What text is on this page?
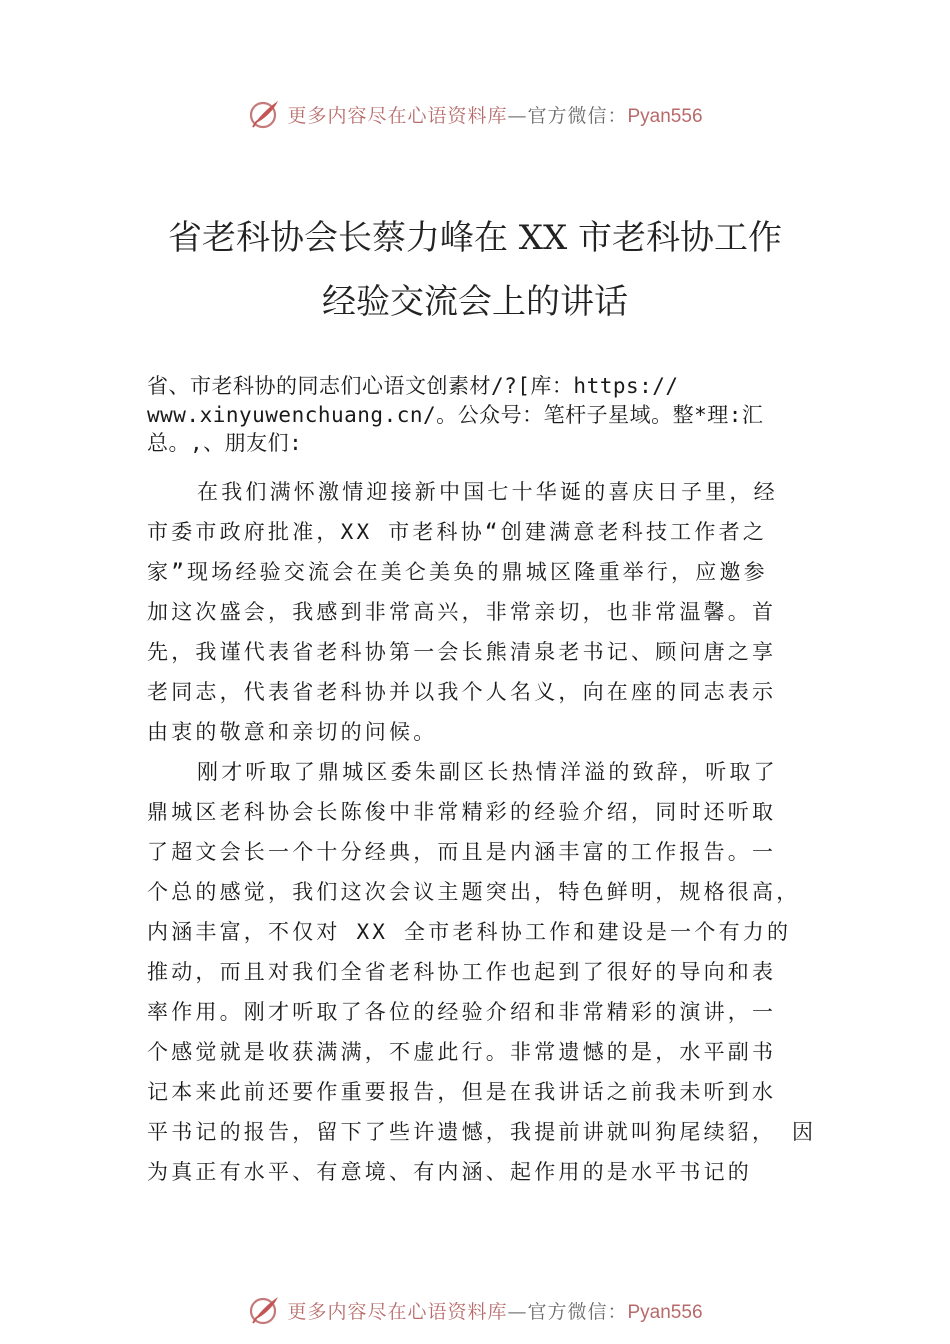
更多内容尽在心语资料库—官方微信：Pyan556
省老科协会长蔡力峰在 XX 市老科协工作
经验交流会上的讲话
省、市老科协的同志们心语文创素材/?[库：https://
www.xinyuwenchuang.cn/。公众号：笔杆子星域。整*理:汇
总。,、朋友们:
在我们满怀激情迎接新中国七十华诞的喜庆日子里，经
市委市政府批准，XX 市老科协“创建满意老科技工作者之
家”现场经验交流会在美仑美奂的鼎城区隆重举行，应邀参
加这次盛会，我感到非常高兴，非常亲切，也非常温馨。首
先，我谨代表省老科协第一会长熊清泉老书记、顾问唐之享
老同志，代表省老科协并以我个人名义，向在座的同志表示
由衷的敬意和亲切的问候。
刚才听取了鼎城区委朱副区长热情洋溢的致辞，听取了
鼎城区老科协会长陈俊中非常精彩的经验介绍，同时还听取
了超文会长一个十分经典，而且是内涵丰富的工作报告。一
个总的感觉，我们这次会议主题突出，特色鲜明，规格很高，
内涵丰富，不仅对 XX 全市老科协工作和建设是一个有力的
推动，而且对我们全省老科协工作也起到了很好的导向和表
率作用。刚才听取了各位的经验介绍和非常精彩的演讲，一
个感觉就是收获满满，不虚此行。非常遗憾的是，水平副书
记本来此前还要作重要报告，但是在我讲话之前我未听到水
平书记的报告，留下了些许遗憾，我提前讲就叫狗尾续貂， 因
为真正有水平、有意境、有内涵、起作用的是水平书记的
更多内容尽在心语资料库—官方微信：Pyan556
